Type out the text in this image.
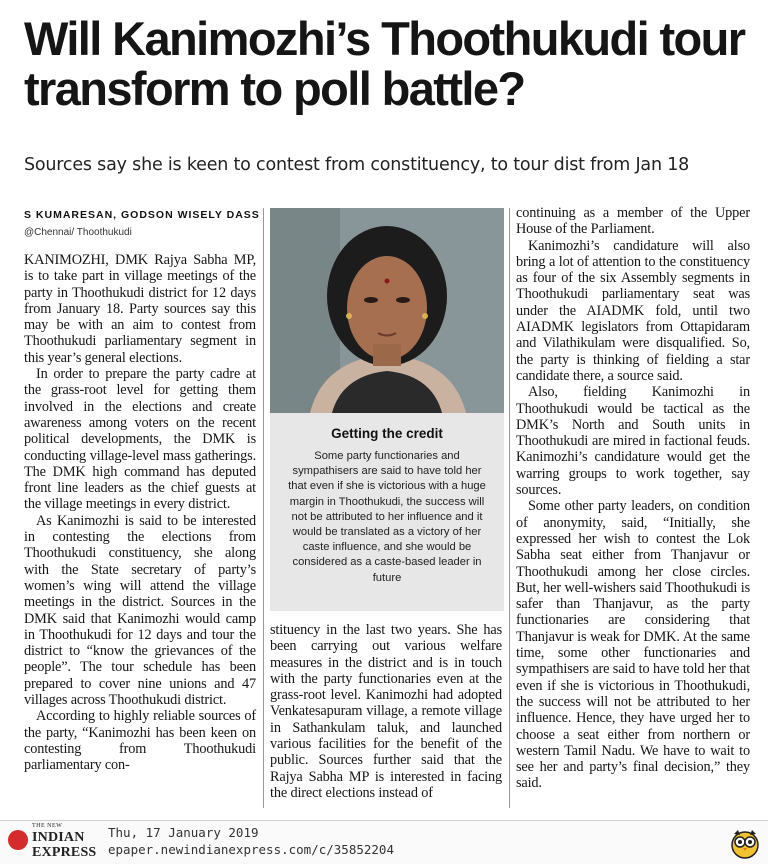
Will Kanimozhi’s Thoothukudi tour transform to poll battle?

Sources say she is keen to contest from constituency, to tour dist from Jan 18

S KUMARESAN, GODSON WISELY DASS
@Chennai/ Thoothukudi

KANIMOZHI, DMK Rajya Sabha MP, is to take part in village meetings of the party in Thoothukudi district for 12 days from January 18. Party sources say this may be with an aim to contest from Thoothukudi parliamentary segment in this year’s general elections.

In order to prepare the party cadre at the grass-root level for getting them involved in the elections and create awareness among voters on the recent political developments, the DMK is conducting village-level mass gatherings. The DMK high command has deputed front line leaders as the chief guests at the village meetings in every district.

As Kanimozhi is said to be interested in contesting the elections from Thoothukudi constituency, she along with the State secretary of party’s women’s wing will attend the village meetings in the district. Sources in the DMK said that Kanimozhi would camp in Thoothukudi for 12 days and tour the district to “know the grievances of the people”. The tour schedule has been prepared to cover nine unions and 47 villages across Thoothukudi district.

According to highly reliable sources of the party, “Kanimozhi has been keen on contesting from Thoothukudi parliamentary con-

Getting the credit
Some party functionaries and sympathisers are said to have told her that even if she is victorious with a huge margin in Thoothukudi, the success will not be attributed to her influence and it would be translated as a victory of her caste influence, and she would be considered as a caste-based leader in future

stituency in the last two years. She has been carrying out various welfare measures in the district and is in touch with the party functionaries even at the grass-root level. Kanimozhi had adopted Venkatesapuram village, a remote village in Sathankulam taluk, and launched various facilities for the benefit of the public. Sources further said that the Rajya Sabha MP is interested in facing the direct elections instead of

continuing as a member of the Upper House of the Parliament.

Kanimozhi’s candidature will also bring a lot of attention to the constituency as four of the six Assembly segments in Thoothukudi parliamentary seat was under the AIADMK fold, until two AIADMK legislators from Ottapidaram and Vilathikulam were disqualified. So, the party is thinking of fielding a star candidate there, a source said.

Also, fielding Kanimozhi in Thoothukudi would be tactical as the DMK’s North and South units in Thoothukudi are mired in factional feuds. Kanimozhi’s candidature would get the warring groups to work together, say sources.

Some other party leaders, on condition of anonymity, said, “Initially, she expressed her wish to contest the Lok Sabha seat either from Thanjavur or Thoothukudi among her close circles. But, her well-wishers said Thoothukudi is safer than Thanjavur, as the party functionaries are considering that Thanjavur is weak for DMK. At the same time, some other functionaries and sympathisers are said to have told her that even if she is victorious in Thoothukudi, the success will not be attributed to her influence. Hence, they have urged her to choose a seat either from northern or western Tamil Nadu. We have to wait to see her and party’s final decision,” they said.

THE NEW
INDIAN
EXPRESS
Thu, 17 January 2019
epaper.newindianexpress.com/c/35852204
